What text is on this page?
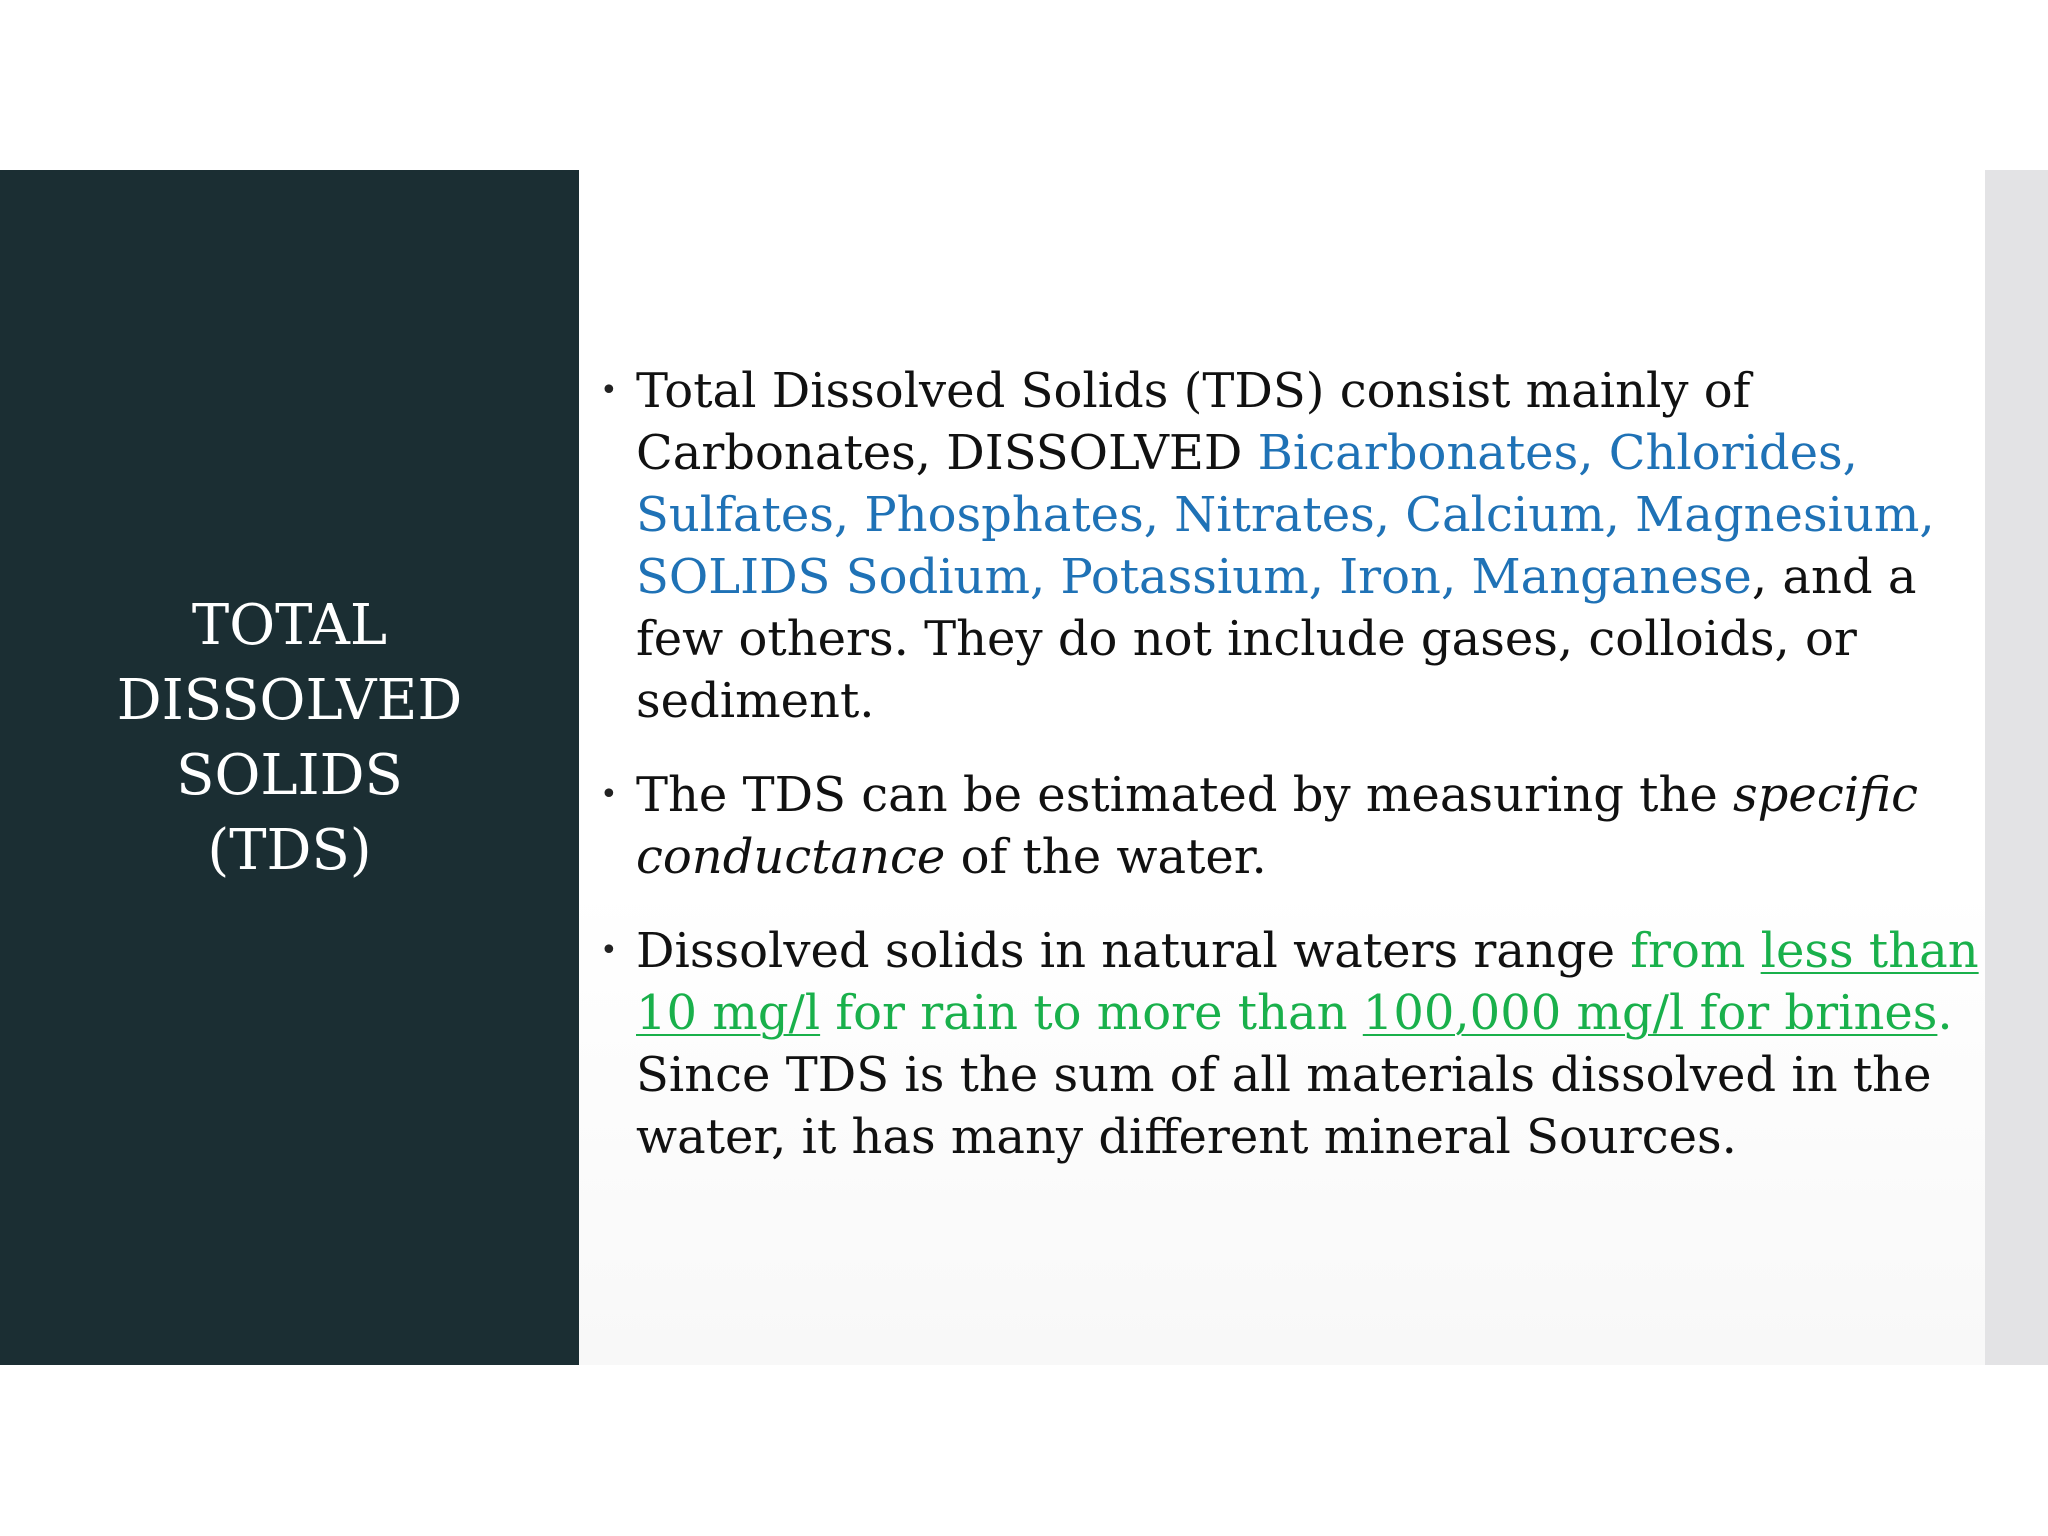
TOTAL
DISSOLVED
SOLIDS
(TDS)
• Total Dissolved Solids (TDS) consist mainly of Carbonates, DISSOLVED Bicarbonates, Chlorides, Sulfates, Phosphates, Nitrates, Calcium, Magnesium, SOLIDS Sodium, Potassium, Iron, Manganese, and a few others. They do not include gases, colloids, or sediment.
• The TDS can be estimated by measuring the specific conductance of the water.
• Dissolved solids in natural waters range from less than 10 mg/l for rain to more than 100,000 mg/l for brines. Since TDS is the sum of all materials dissolved in the water, it has many different mineral Sources.
